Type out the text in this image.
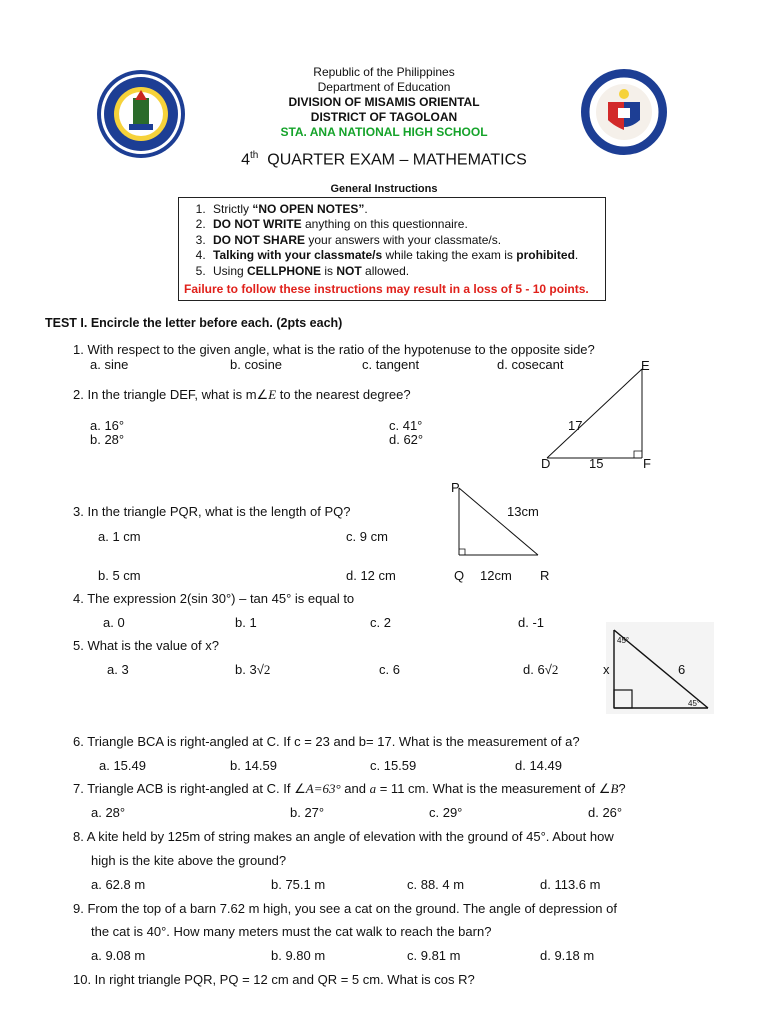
Republic of the Philippines
Department of Education
DIVISION OF MISAMIS ORIENTAL
DISTRICT OF TAGOLOAN
STA. ANA NATIONAL HIGH SCHOOL
4th QUARTER EXAM – MATHEMATICS
General Instructions
1. Strictly “NO OPEN NOTES”.
2. DO NOT WRITE anything on this questionnaire.
3. DO NOT SHARE your answers with your classmate/s.
4. Talking with your classmate/s while taking the exam is prohibited.
5. Using CELLPHONE is NOT allowed.
Failure to follow these instructions may result in a loss of 5 - 10 points.
TEST I. Encircle the letter before each. (2pts each)
1. With respect to the given angle, what is the ratio of the hypotenuse to the opposite side?
a. sine	b. cosine	c. tangent	d. cosecant
2. In the triangle DEF, what is m∠E to the nearest degree?
a. 16°
b. 28°
c. 41°
d. 62°
E
17
D	15	F
3. In the triangle PQR, what is the length of PQ?
a. 1 cm
b. 5 cm
c. 9 cm
d. 12 cm
P
13cm
Q 12cm R
4. The expression 2(sin 30°) – tan 45° is equal to
a. 0	b. 1	c. 2	d. -1
5. What is the value of x?
a. 3	b. 3√2	c. 6	d. 6√2
45°
45°
x	6
6. Triangle BCA is right-angled at C. If c = 23 and b= 17. What is the measurement of a?
a. 15.49	b. 14.59	c. 15.59	d. 14.49
7. Triangle ACB is right-angled at C. If ∠A=63° and a = 11 cm. What is the measurement of ∠B?
a. 28°	b. 27°	c. 29°	d. 26°
8. A kite held by 125m of string makes an angle of elevation with the ground of 45°. About how
high is the kite above the ground?
a. 62.8 m	b. 75.1 m	c. 88. 4 m	d. 113.6 m
9. From the top of a barn 7.62 m high, you see a cat on the ground. The angle of depression of
the cat is 40°. How many meters must the cat walk to reach the barn?
a. 9.08 m	b. 9.80 m	c. 9.81 m	d. 9.18 m
10. In right triangle PQR, PQ = 12 cm and QR = 5 cm. What is cos R?
